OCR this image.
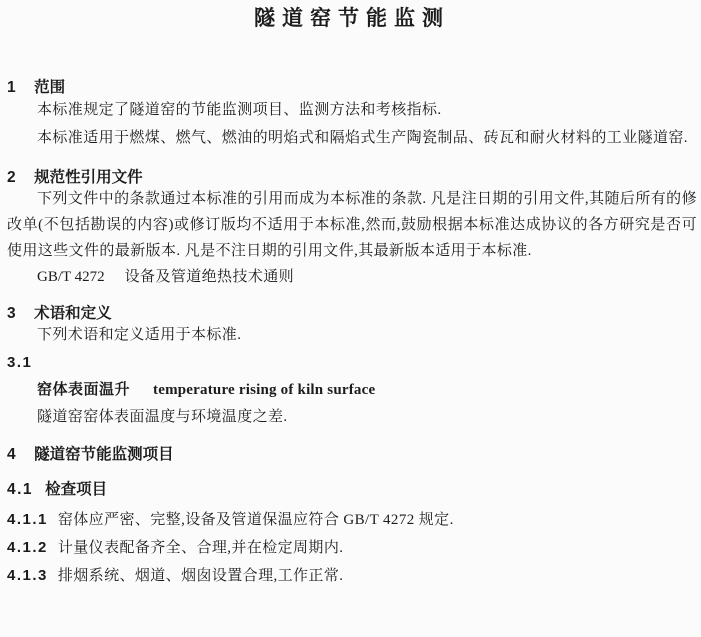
隧道窑节能监测
1 范围

本标准规定了隧道窑的节能监测项目、监测方法和考核指标.

本标准适用于燃煤、燃气、燃油的明焰式和隔焰式生产陶瓷制品、砖瓦和耐火材料的工业隧道窑.

2 规范性引用文件

下列文件中的条款通过本标准的引用而成为本标准的条款. 凡是注日期的引用文件,其随后所有的修改单(不包括勘误的内容)或修订版均不适用于本标准,然而,鼓励根据本标准达成协议的各方研究是否可使用这些文件的最新版本. 凡是不注日期的引用文件,其最新版本适用于本标准.

GB/T 4272 设备及管道绝热技术通则

3 术语和定义

下列术语和定义适用于本标准.

3.1

窑体表面温升 temperature rising of kiln surface

隧道窑窑体表面温度与环境温度之差.

4 隧道窑节能监测项目
4.1 检查项目

4.1.1 窑体应严密、完整,设备及管道保温应符合 GB/T 4272 规定.

4.1.2 计量仪表配备齐全、合理,并在检定周期内.

4.1.3 排烟系统、烟道、烟囱设置合理,工作正常.
